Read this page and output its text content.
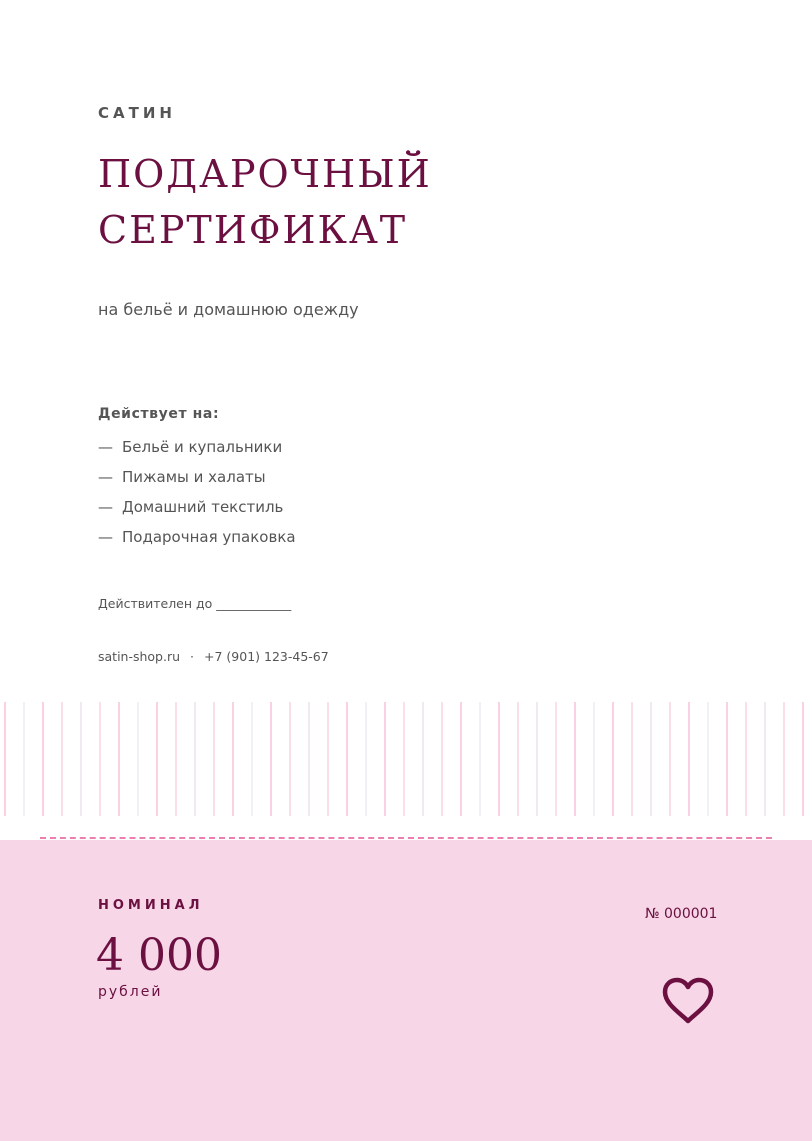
САТИН
ПОДАРОЧНЫЙ
СЕРТИФИКАТ
на бельё и домашнюю одежду
Действует на:
— Бельё и купальники
— Пижамы и халаты
— Домашний текстиль
— Подарочная упаковка
Действителен до ____________
satin-shop.ru · +7 (901) 123-45-67
НОМИНАЛ
4 000
рублей
№ 000001
